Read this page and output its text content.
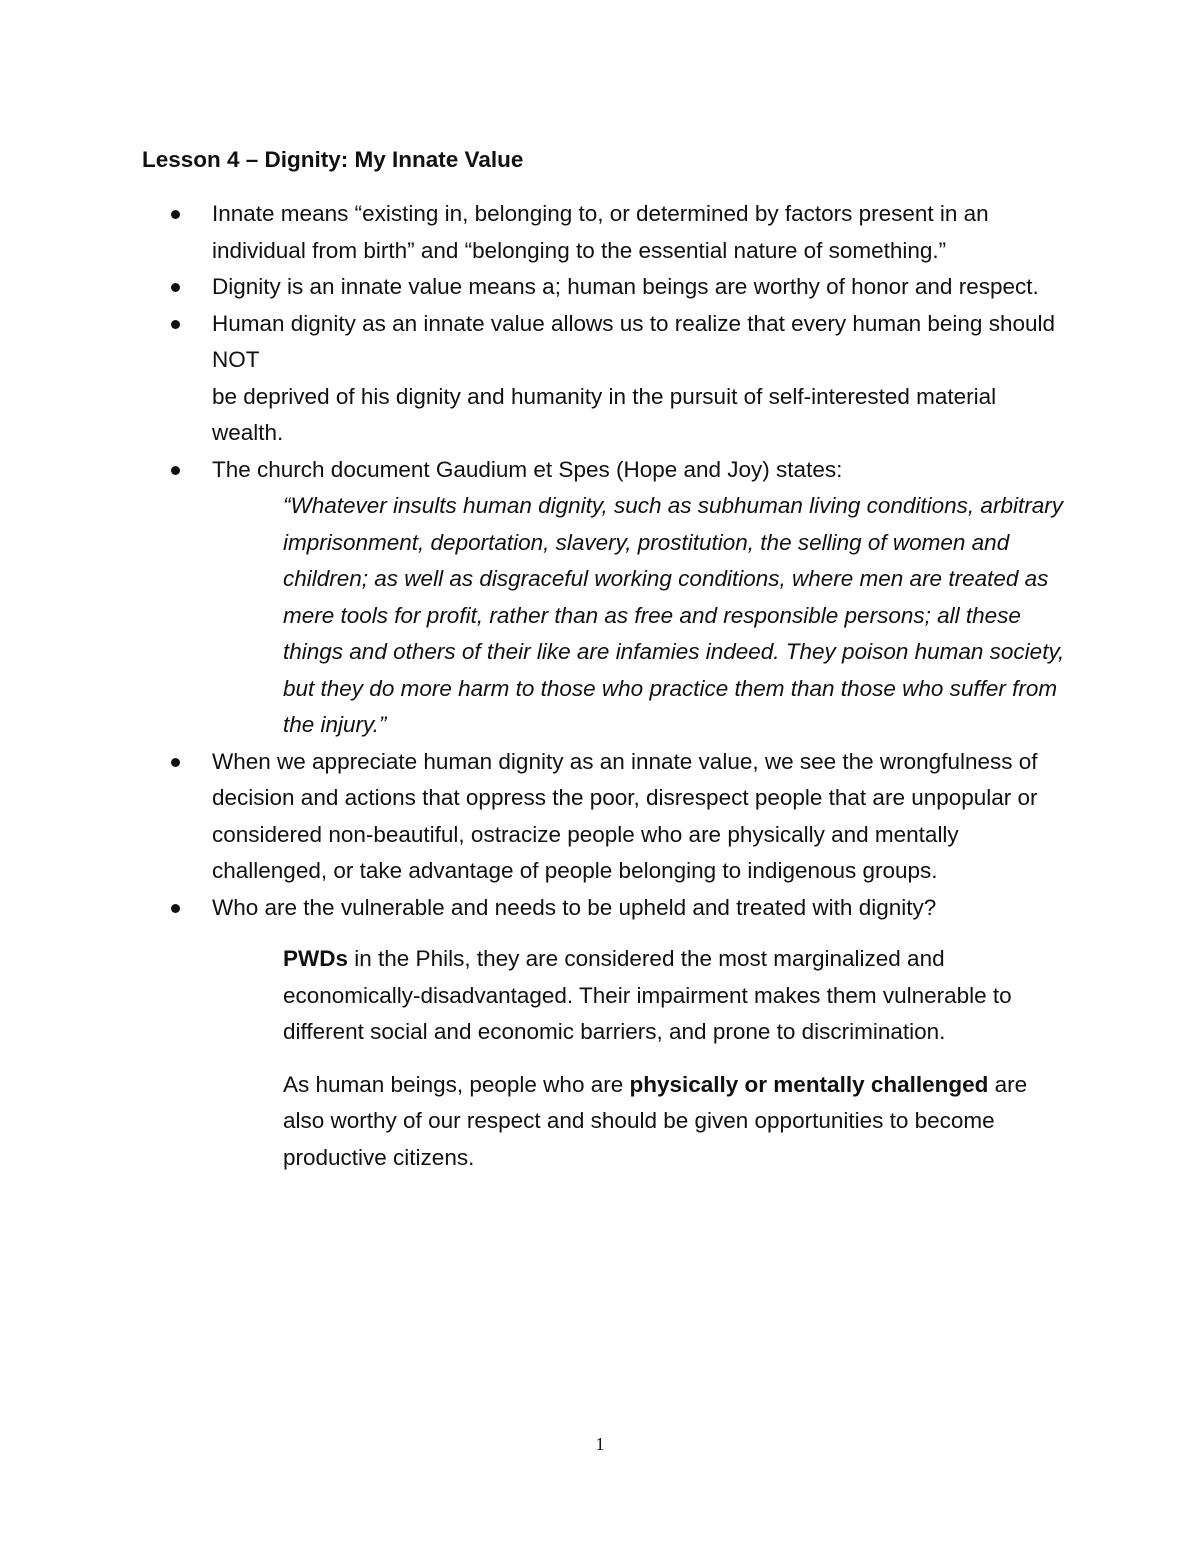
Lesson 4 – Dignity: My Innate Value
Innate means “existing in, belonging to, or determined by factors present in an individual from birth” and “belonging to the essential nature of something.”
Dignity is an innate value means a; human beings are worthy of honor and respect.
Human dignity as an innate value allows us to realize that every human being should NOT
be deprived of his dignity and humanity in the pursuit of self-interested material wealth.
The church document Gaudium et Spes (Hope and Joy) states:

“Whatever insults human dignity, such as subhuman living conditions, arbitrary imprisonment, deportation, slavery, prostitution, the selling of women and children; as well as disgraceful working conditions, where men are treated as mere tools for profit, rather than as free and responsible persons; all these things and others of their like are infamies indeed. They poison human society, but they do more harm to those who practice them than those who suffer from the injury.”

When we appreciate human dignity as an innate value, we see the wrongfulness of decision and actions that oppress the poor, disrespect people that are unpopular or considered non-beautiful, ostracize people who are physically and mentally challenged, or take advantage of people belonging to indigenous groups.
Who are the vulnerable and needs to be upheld and treated with dignity?

PWDs in the Phils, they are considered the most marginalized and economically-disadvantaged. Their impairment makes them vulnerable to different social and economic barriers, and prone to discrimination.

As human beings, people who are physically or mentally challenged are also worthy of our respect and should be given opportunities to become productive citizens.

1
